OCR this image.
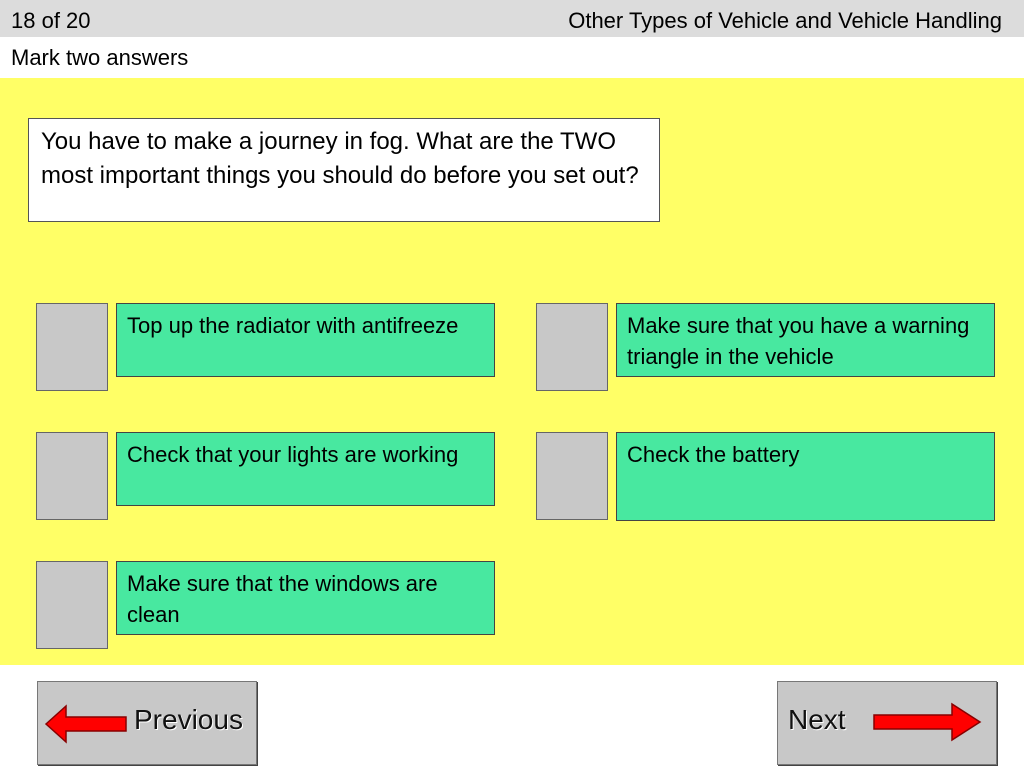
18 of 20	Other Types of Vehicle and Vehicle Handling
Mark two answers
You have to make a journey in fog. What are the TWO most important things you should do before you set out?
Top up the radiator with antifreeze	Make sure that you have a warning triangle in the vehicle
Check that your lights are working	Check the battery
Make sure that the windows are clean
Previous	Next
